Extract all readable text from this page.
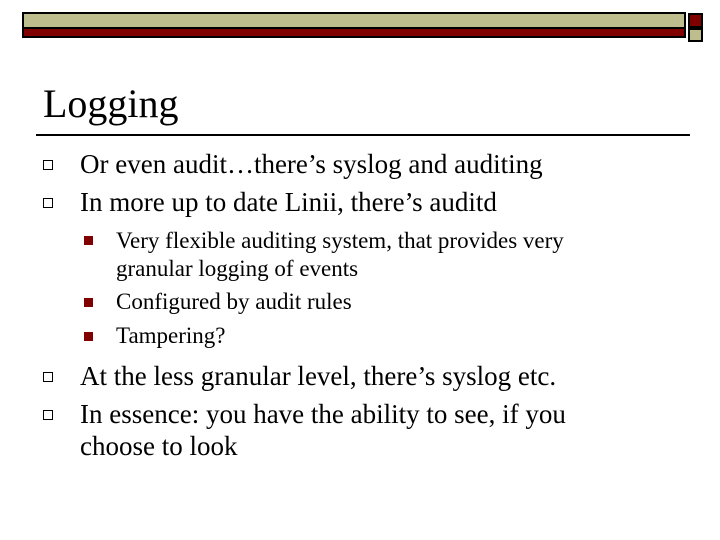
Logging
Or even audit…there’s syslog and auditing
In more up to date Linii, there’s auditd
Very flexible auditing system, that provides very
granular logging of events
Configured by audit rules
Tampering?
At the less granular level, there’s syslog etc.
In essence: you have the ability to see, if you
choose to look
